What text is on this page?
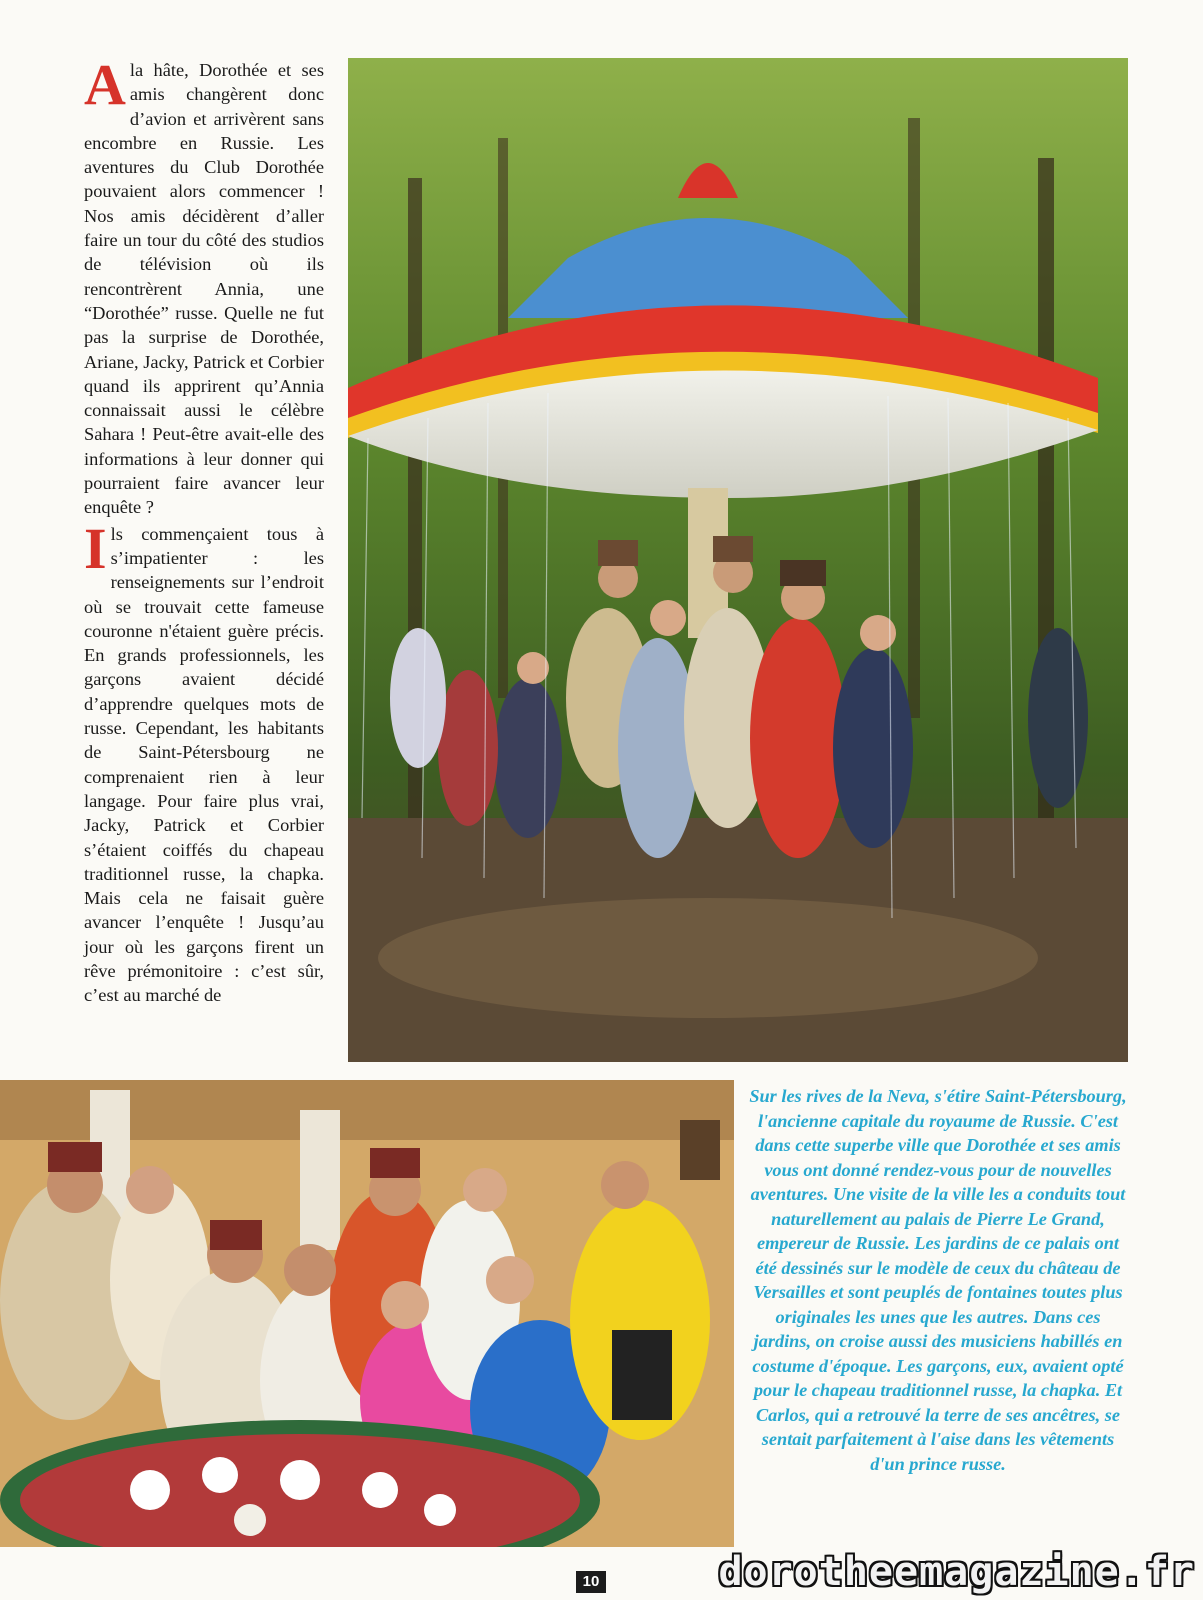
Ala hâte, Dorothée et ses amis changèrent donc d’avion et arrivèrent sans encombre en Russie. Les aventures du Club Dorothée pouvaient alors commencer ! Nos amis décidèrent d’aller faire un tour du côté des studios de télévision où ils rencontrèrent Annia, une “Dorothée” russe. Quelle ne fut pas la surprise de Dorothée, Ariane, Jacky, Patrick et Corbier quand ils apprirent qu’Annia connaissait aussi le célèbre Sahara ! Peut-être avait-elle des informations à leur donner qui pourraient faire avancer leur enquête ?

Ils commençaient tous à s’impatienter : les renseignements sur l’endroit où se trouvait cette fameuse couronne n'étaient guère précis. En grands professionnels, les garçons avaient décidé d’apprendre quelques mots de russe. Cependant, les habitants de Saint-Pétersbourg ne comprenaient rien à leur langage. Pour faire plus vrai, Jacky, Patrick et Corbier s’étaient coiffés du chapeau traditionnel russe, la chapka. Mais cela ne faisait guère avancer l’enquête ! Jusqu’au jour où les garçons firent un rêve prémonitoire : c’est sûr, c’est au marché de

Sur les rives de la Neva, s'étire Saint-Pétersbourg, l'ancienne capitale du royaume de Russie. C'est dans cette superbe ville que Dorothée et ses amis vous ont donné rendez-vous pour de nouvelles aventures. Une visite de la ville les a conduits tout naturellement au palais de Pierre Le Grand, empereur de Russie. Les jardins de ce palais ont été dessinés sur le modèle de ceux du château de Versailles et sont peuplés de fontaines toutes plus originales les unes que les autres. Dans ces jardins, on croise aussi des musiciens habillés en costume d'époque. Les garçons, eux, avaient opté pour le chapeau traditionnel russe, la chapka. Et Carlos, qui a retrouvé la terre de ses ancêtres, se sentait parfaitement à l'aise dans les vêtements d'un prince russe.
10	dorotheemagazine.fr
